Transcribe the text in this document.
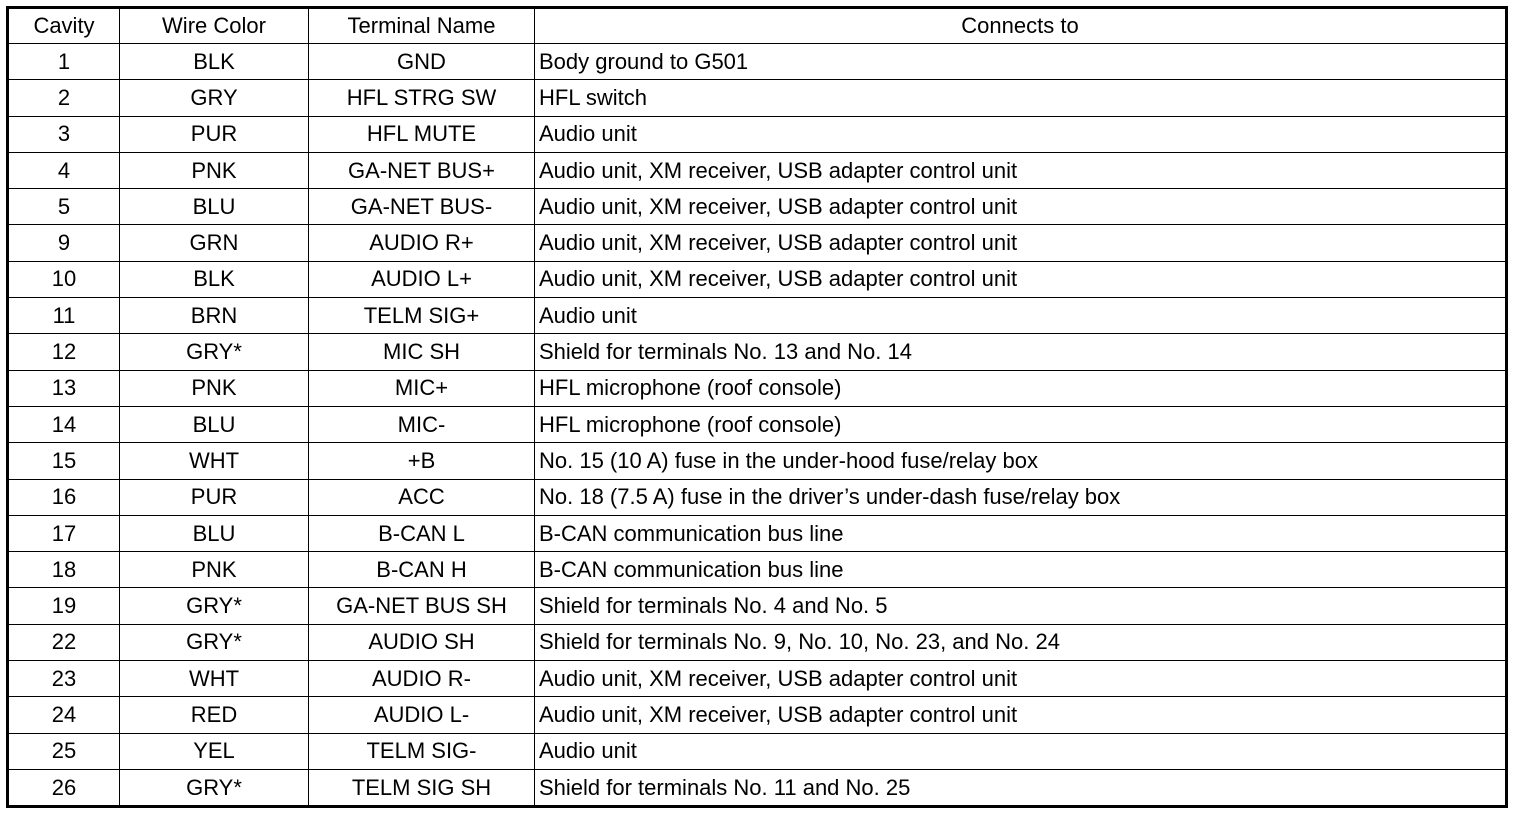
Cavity	Wire Color	Terminal Name	Connects to
1	BLK	GND	Body ground to G501
2	GRY	HFL STRG SW	HFL switch
3	PUR	HFL MUTE	Audio unit
4	PNK	GA-NET BUS+	Audio unit, XM receiver, USB adapter control unit
5	BLU	GA-NET BUS-	Audio unit, XM receiver, USB adapter control unit
9	GRN	AUDIO R+	Audio unit, XM receiver, USB adapter control unit
10	BLK	AUDIO L+	Audio unit, XM receiver, USB adapter control unit
11	BRN	TELM SIG+	Audio unit
12	GRY*	MIC SH	Shield for terminals No. 13 and No. 14
13	PNK	MIC+	HFL microphone (roof console)
14	BLU	MIC-	HFL microphone (roof console)
15	WHT	+B	No. 15 (10 A) fuse in the under-hood fuse/relay box
16	PUR	ACC	No. 18 (7.5 A) fuse in the driver’s under-dash fuse/relay box
17	BLU	B-CAN L	B-CAN communication bus line
18	PNK	B-CAN H	B-CAN communication bus line
19	GRY*	GA-NET BUS SH	Shield for terminals No. 4 and No. 5
22	GRY*	AUDIO SH	Shield for terminals No. 9, No. 10, No. 23, and No. 24
23	WHT	AUDIO R-	Audio unit, XM receiver, USB adapter control unit
24	RED	AUDIO L-	Audio unit, XM receiver, USB adapter control unit
25	YEL	TELM SIG-	Audio unit
26	GRY*	TELM SIG SH	Shield for terminals No. 11 and No. 25
